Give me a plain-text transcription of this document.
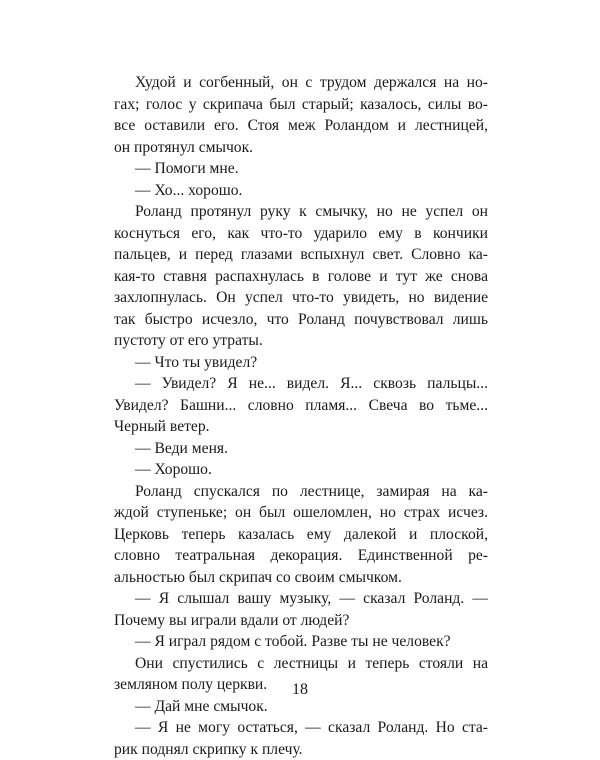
Худой и согбенный, он с трудом держался на но-
гах; голос у скрипача был старый; казалось, силы во-
все оставили его. Стоя меж Роландом и лестницей,
он протянул смычок.
— Помоги мне.
— Хо... хорошо.
Роланд протянул руку к смычку, но не успел он
коснуться его, как что-то ударило ему в кончики
пальцев, и перед глазами вспыхнул свет. Словно ка-
кая-то ставня распахнулась в голове и тут же снова
захлопнулась. Он успел что-то увидеть, но видение
так быстро исчезло, что Роланд почувствовал лишь
пустоту от его утраты.
— Что ты увидел?
— Увидел? Я не... видел. Я... сквозь пальцы...
Увидел? Башни... словно пламя... Свеча во тьме...
Черный ветер.
— Веди меня.
— Хорошо.
Роланд спускался по лестнице, замирая на ка-
ждой ступеньке; он был ошеломлен, но страх исчез.
Церковь теперь казалась ему далекой и плоской,
словно театральная декорация. Единственной ре-
альностью был скрипач со своим смычком.
— Я слышал вашу музыку, — сказал Роланд. —
Почему вы играли вдали от людей?
— Я играл рядом с тобой. Разве ты не человек?
Они спустились с лестницы и теперь стояли на
земляном полу церкви.
— Дай мне смычок.
— Я не могу остаться, — сказал Роланд. Но ста-
рик поднял скрипку к плечу.
18
